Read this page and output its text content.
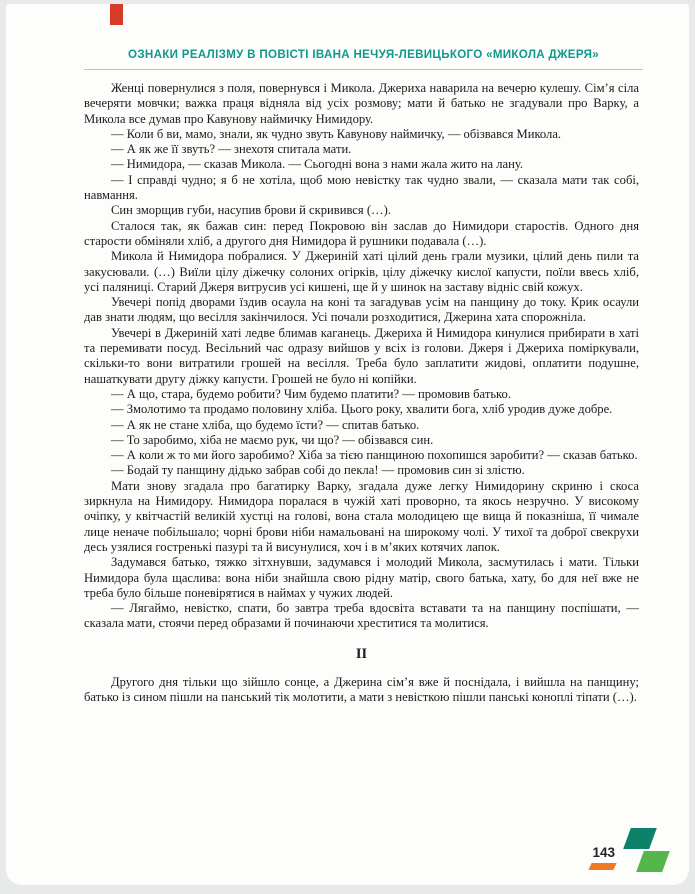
ОЗНАКИ РЕАЛІЗМУ В ПОВІСТІ ІВАНА НЕЧУЯ-ЛЕВИЦЬКОГО «МИКОЛА ДЖЕРЯ»

Женці повернулися з поля, повернувся і Микола. Джериха наварила на вечерю кулешу. Сім’я сіла вечеряти мовчки; важка праця відняла від усіх розмову; мати й батько не згадували про Варку, а Микола все думав про Кавунову наймичку Нимидору.

— Коли б ви, мамо, знали, як чудно звуть Кавунову наймичку, — обізвався Микола.

— А як же її звуть? — знехотя спитала мати.

— Нимидора, — сказав Микола. — Сьогодні вона з нами жала жито на лану.

— І справді чудно; я б не хотіла, щоб мою невістку так чудно звали, — сказала мати так собі, навмання.

Син зморщив губи, насупив брови й скривився (…).

Сталося так, як бажав син: перед Покровою він заслав до Нимидори старостів. Одного дня старости обміняли хліб, а другого дня Нимидора й рушники подавала (…).

Микола й Нимидора побралися. У Джериній хаті цілий день грали музики, цілий день пили та закусювали. (…) Виїли цілу діжечку солоних огірків, цілу діжечку кислої капусти, поїли ввесь хліб, усі паляниці. Старий Джеря витрусив усі кишені, ще й у шинок на заставу відніс свій кожух.

Увечері попід дворами їздив осаула на коні та загадував усім на панщину до току. Крик осаули дав знати людям, що весілля закінчилося. Усі почали розходитися, Джерина хата спорожніла.

Увечері в Джериній хаті ледве блимав каганець. Джериха й Нимидора кинулися прибирати в хаті та перемивати посуд. Весільний час одразу вийшов у всіх із голови. Джеря і Джериха поміркували, скільки-то вони витратили грошей на весілля. Треба було заплатити жидові, оплатити подушне, нашаткувати другу діжку капусти. Грошей не було ні копійки.

— А що, стара, будемо робити? Чим будемо платити? — промовив батько.

— Змолотимо та продамо половину хліба. Цього року, хвалити бога, хліб уродив дуже добре.

— А як не стане хліба, що будемо їсти? — спитав батько.

— То заробимо, хіба не маємо рук, чи що? — обізвався син.

— А коли ж то ми його заробимо? Хіба за тією панщиною похопишся заробити? — сказав батько.

— Бодай ту панщину дідько забрав собі до пекла! — промовив син зі злістю.

Мати знову згадала про багатирку Варку, згадала дуже легку Нимидорину скриню і скоса зиркнула на Нимидору. Нимидора поралася в чужій хаті проворно, та якось незручно. У високому очіпку, у квітчастій великій хустці на голові, вона стала молодицею ще вища й показніша, її чимале лице неначе побільшало; чорні брови ніби намальовані на широкому чолі. У тихої та доброї свекрухи десь узялися гостренькі пазурі та й висунулися, хоч і в м’яких котячих лапок.

Задумався батько, тяжко зітхнувши, задумався і молодий Микола, засмутилась і мати. Тільки Нимидора була щаслива: вона ніби знайшла свою рідну матір, свого батька, хату, бо для неї вже не треба було більше поневірятися в наймах у чужих людей.

— Лягаймо, невістко, спати, бо завтра треба вдосвіта вставати та на панщину поспішати, — сказала мати, стоячи перед образами й починаючи хреститися та молитися.

II

Другого дня тільки що зійшло сонце, а Джерина сім’я вже й поснідала, і вийшла на панщину; батько із сином пішли на панський тік молотити, а мати з невісткою пішли панські коноплі тіпати (…).

143
